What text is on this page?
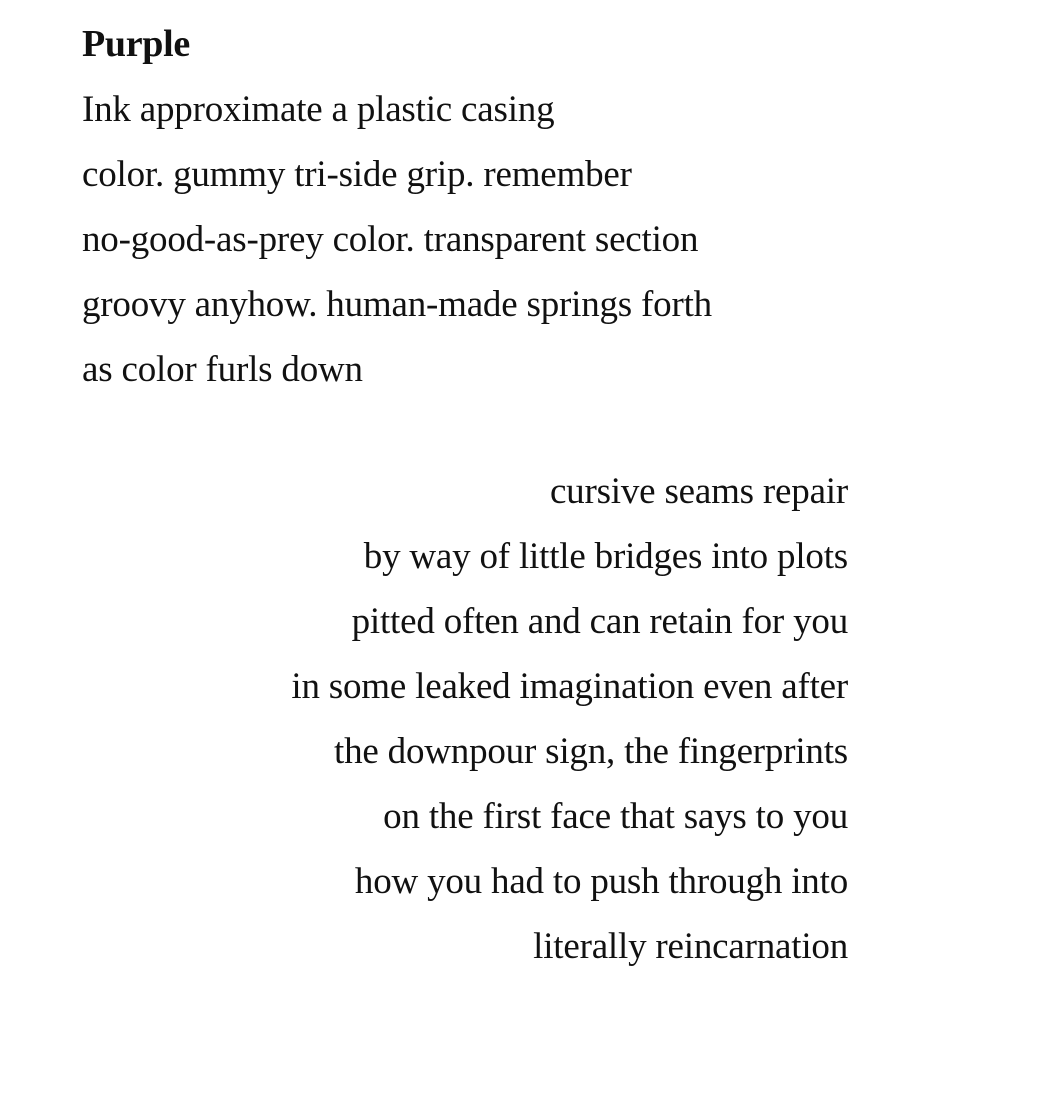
Purple
Ink approximate a plastic casing
color. gummy tri-side grip. remember
no-good-as-prey color. transparent section
groovy anyhow. human-made springs forth
as color furls down
cursive seams repair
by way of little bridges into plots
pitted often and can retain for you
in some leaked imagination even after
the downpour sign, the fingerprints
on the first face that says to you
how you had to push through into
literally reincarnation
